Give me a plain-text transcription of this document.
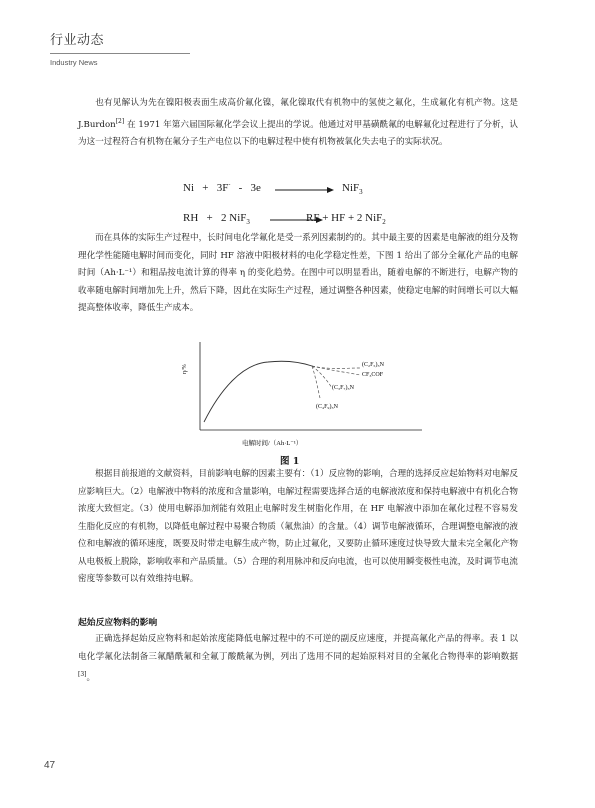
行业动态
Industry News

也有见解认为先在镍阳极表面生成高价氟化镍，氟化镍取代有机物中的氢使之氟化，生成氟化有机产物。这是 J.Burdon[2] 在 1971 年第六届国际氟化学会议上提出的学说。他通过对甲基磺酰氟的电解氟化过程进行了分析，认为这一过程符合有机物在氟分子生产电位以下的电解过程中使有机物被氧化失去电子的实际状况。

Ni + 3F- - 3e → NiF$_3$
RH + 2 NiF$_3$ →
RF + HF + 2 NiF$_2$

而在具体的实际生产过程中，长时间电化学氟化是受一系列因素制约的。其中最主要的因素是电解液的组分及物理化学性能随电解时间而变化，同时 HF 溶液中阳极材料的电化学稳定性差，下图 1 给出了部分全氟化产品的电解时间（Ah·L⁻¹）和粗品按电流计算的得率 η 的变化趋势。在图中可以明显看出，随着电解的不断进行，电解产物的收率随电解时间增加先上升，然后下降，因此在实际生产过程，通过调整各种因素，使稳定电解的时间增长可以大幅提高整体收率，降低生产成本。

η/%	(C₂F₅)₃N
CF₃COF
(C₃F₇)₃N
(C₄F₉)₃N
电解时间/（Ah·L⁻¹）
图 1

根据目前报道的文献资料，目前影响电解的因素主要有：（1）反应物的影响，合理的选择反应起始物料对电解反应影响巨大。（2）电解液中物料的浓度和含量影响，电解过程需要选择合适的电解液浓度和保持电解液中有机化合物浓度大致恒定。（3）使用电解添加剂能有效阻止电解时发生树脂化作用，在 HF 电解液中添加在氟化过程不容易发生脂化反应的有机物，以降低电解过程中易聚合物质（氟焦油）的含量。（4）调节电解液循环，合理调整电解液的液位和电解液的循环速度，既要及时带走电解生成产物，防止过氟化，又要防止循环速度过快导致大量未完全氟化产物从电极板上脱除，影响收率和产品质量。（5）合理的利用脉冲和反向电流，也可以使用瞬变极性电流，及时调节电流密度等参数可以有效维持电解。

起始反应物料的影响

正确选择起始反应物料和起始浓度能降低电解过程中的不可逆的副反应速度，并提高氟化产品的得率。表 1 以电化学氟化法制备三氟醋酰氟和全氟丁酸酰氟为例，列出了选用不同的起始原料对目的全氟化合物得率的影响数据[3]。

47
